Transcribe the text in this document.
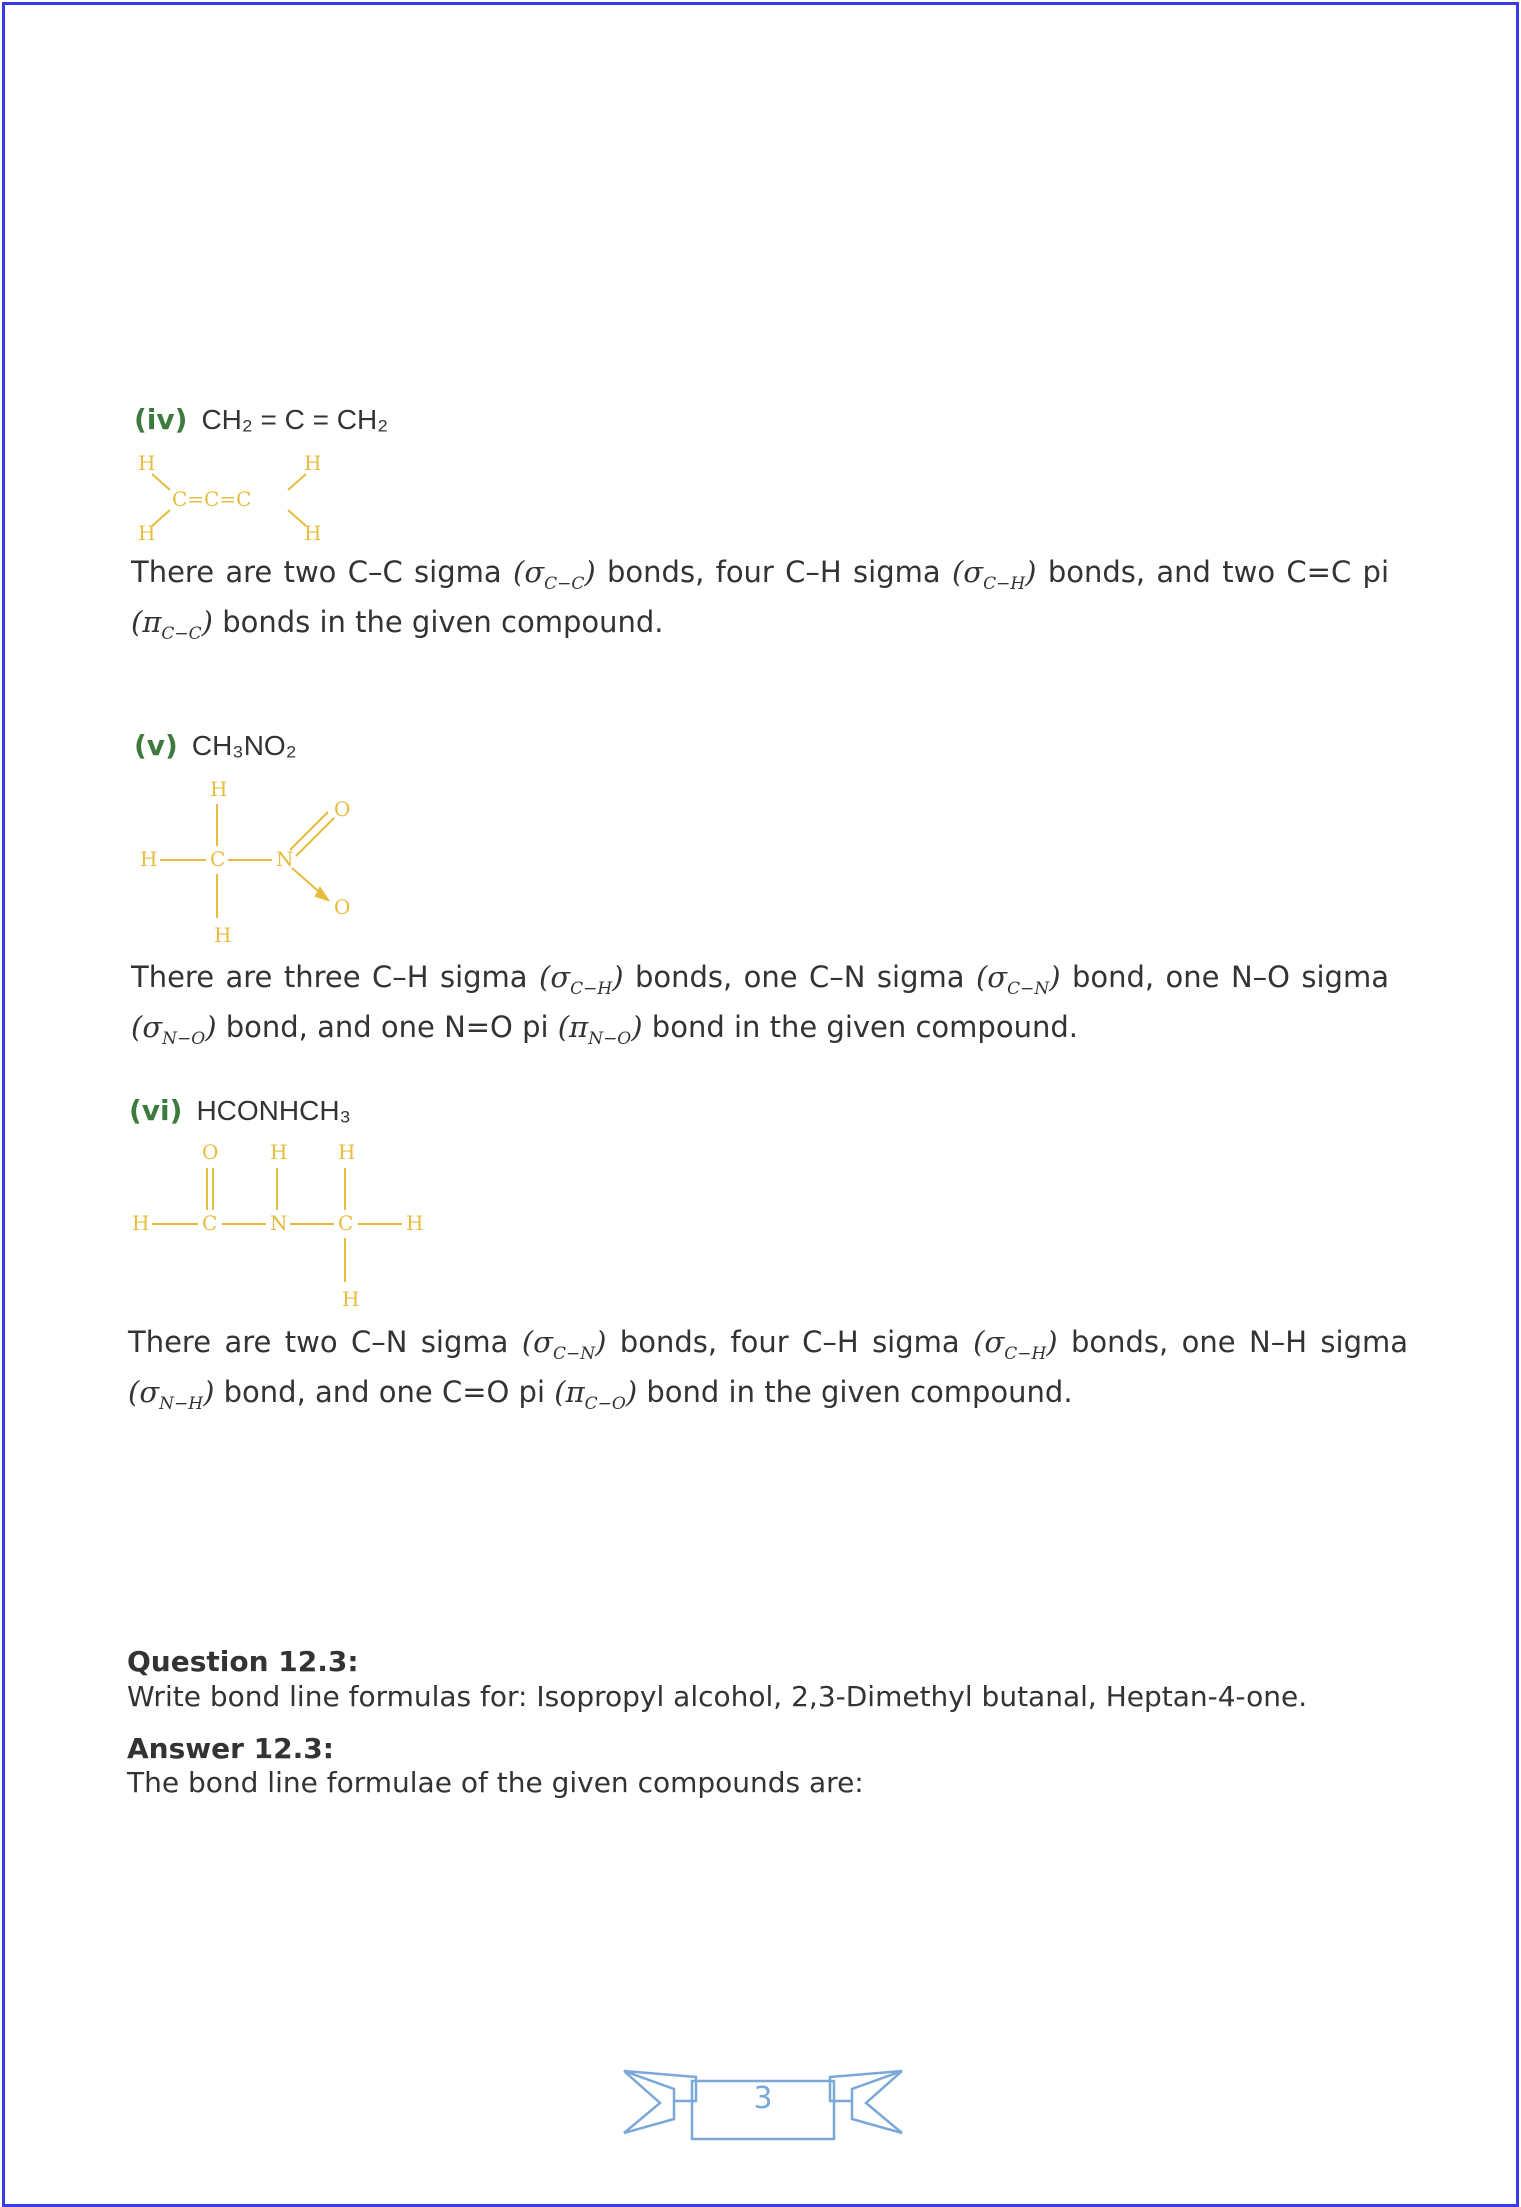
(iv) CH₂ = C = CH₂
H
H
C=C=C
H
H
There are two C–C sigma $(\sigma_{C-C})$ bonds, four C–H sigma $(\sigma_{C-H})$ bonds, and two C=C pi $(\pi_{C-C})$ bonds in the given compound.
(v) CH₃NO₂
H
H	C	N
O
O
H
There are three C–H sigma $(\sigma_{C-H})$ bonds, one C–N sigma $(\sigma_{C-N})$ bond, one N–O sigma $(\sigma_{N-O})$ bond, and one N=O pi $(\pi_{N-O})$ bond in the given compound.
(vi) HCONHCH₃
O	H	H
H	C	N	C	H
H
There are two C–N sigma $(\sigma_{C-N})$ bonds, four C–H sigma $(\sigma_{C-H})$ bonds, one N–H sigma $(\sigma_{N-H})$ bond, and one C=O pi $(\pi_{C-O})$ bond in the given compound.
Question 12.3:
Write bond line formulas for: Isopropyl alcohol, 2,3-Dimethyl butanal, Heptan-4-one.
Answer 12.3:
The bond line formulae of the given compounds are:
3
